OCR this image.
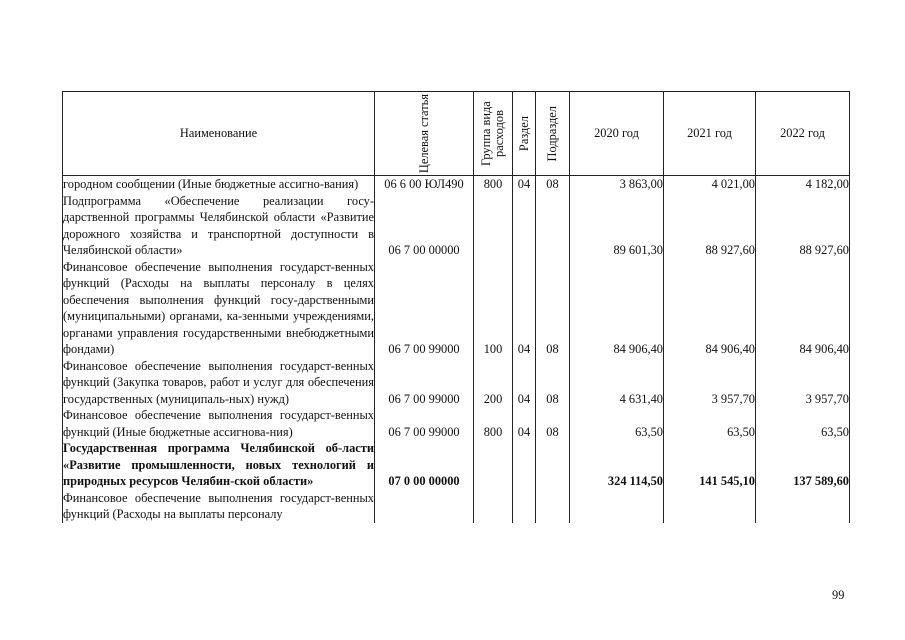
Наименование	Целевая статья	Группа вида расходов	Раздел	Подраздел	2020 год	2021 год	2022 год

городном сообщении (Иные бюджетные ассигно-вания)	06 6 00 ЮЛ490	800	04	08	3 863,00	4 021,00	4 182,00

Подпрограмма «Обеспечение реализации госу-дарственной программы Челябинской области «Развитие дорожного хозяйства и транспортной доступности в Челябинской области»	06 7 00 00000				89 601,30	88 927,60	88 927,60

Финансовое обеспечение выполнения государст-венных функций (Расходы на выплаты персоналу в целях обеспечения выполнения функций госу-дарственными (муниципальными) органами, ка-зенными учреждениями, органами управления государственными внебюджетными фондами)	06 7 00 99000	100	04	08	84 906,40	84 906,40	84 906,40

Финансовое обеспечение выполнения государст-венных функций (Закупка товаров, работ и услуг для обеспечения государственных (муниципаль-ных) нужд)	06 7 00 99000	200	04	08	4 631,40	3 957,70	3 957,70

Финансовое обеспечение выполнения государст-венных функций (Иные бюджетные ассигнова-ния)	06 7 00 99000	800	04	08	63,50	63,50	63,50

Государственная программа Челябинской об-ласти «Развитие промышленности, новых технологий и природных ресурсов Челябин-ской области»	07 0 00 00000				324 114,50	141 545,10	137 589,60

Финансовое обеспечение выполнения государст-венных функций (Расходы на выплаты персоналу							

99
